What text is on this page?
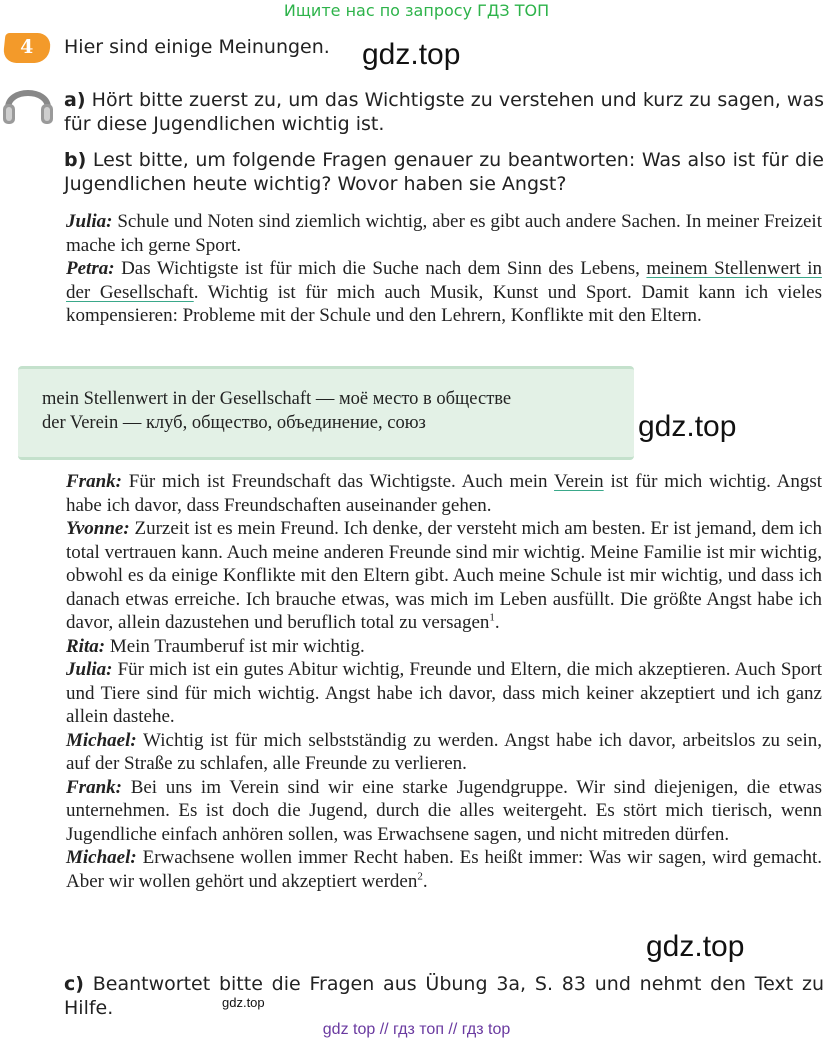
Ищите нас по запросу ГДЗ ТОП
4 Hier sind einige Meinungen. gdz.top
a) Hört bitte zuerst zu, um das Wichtigste zu verstehen und kurz zu sagen, was für diese Jugendlichen wichtig ist.
b) Lest bitte, um folgende Fragen genauer zu beantworten: Was also ist für die Jugendlichen heute wichtig? Wovor haben sie Angst?

Julia: Schule und Noten sind ziemlich wichtig, aber es gibt auch andere Sachen. In meiner Freizeit mache ich gerne Sport.

Petra: Das Wichtigste ist für mich die Suche nach dem Sinn des Lebens, meinem Stellenwert in der Gesellschaft. Wichtig ist für mich auch Musik, Kunst und Sport. Damit kann ich vieles kompensieren: Probleme mit der Schule und den Lehrern, Konflikte mit den Eltern.

mein Stellenwert in der Gesellschaft — моё место в обществе
der Verein — клуб, общество, объединение, союз	gdz.top

Frank: Für mich ist Freundschaft das Wichtigste. Auch mein Verein ist für mich wichtig. Angst habe ich davor, dass Freundschaften auseinander gehen.

Yvonne: Zurzeit ist es mein Freund. Ich denke, der versteht mich am besten. Er ist jemand, dem ich total vertrauen kann. Auch meine anderen Freunde sind mir wichtig. Meine Familie ist mir wichtig, obwohl es da einige Konflikte mit den Eltern gibt. Auch meine Schule ist mir wichtig, und dass ich danach etwas erreiche. Ich brauche etwas, was mich im Leben ausfüllt. Die größte Angst habe ich davor, allein dazustehen und beruflich total zu versagen$^1$.

Rita: Mein Traumberuf ist mir wichtig.

Julia: Für mich ist ein gutes Abitur wichtig, Freunde und Eltern, die mich akzeptieren. Auch Sport und Tiere sind für mich wichtig. Angst habe ich davor, dass mich keiner akzeptiert und ich ganz allein dastehe.

Michael: Wichtig ist für mich selbstständig zu werden. Angst habe ich davor, arbeitslos zu sein, auf der Straße zu schlafen, alle Freunde zu verlieren.

Frank: Bei uns im Verein sind wir eine starke Jugendgruppe. Wir sind diejenigen, die etwas unternehmen. Es ist doch die Jugend, durch die alles weitergeht. Es stört mich tierisch, wenn Jugendliche einfach anhören sollen, was Erwachsene sagen, und nicht mitreden dürfen.

Michael: Erwachsene wollen immer Recht haben. Es heißt immer: Was wir sagen, wird gemacht. Aber wir wollen gehört und akzeptiert werden$^2$.

gdz.top
c) Beantwortet bitte die Fragen aus Übung 3a, S. 83 und nehmt den Text zu Hilfe.	gdz.top
gdz top // гдз топ // гдз top
